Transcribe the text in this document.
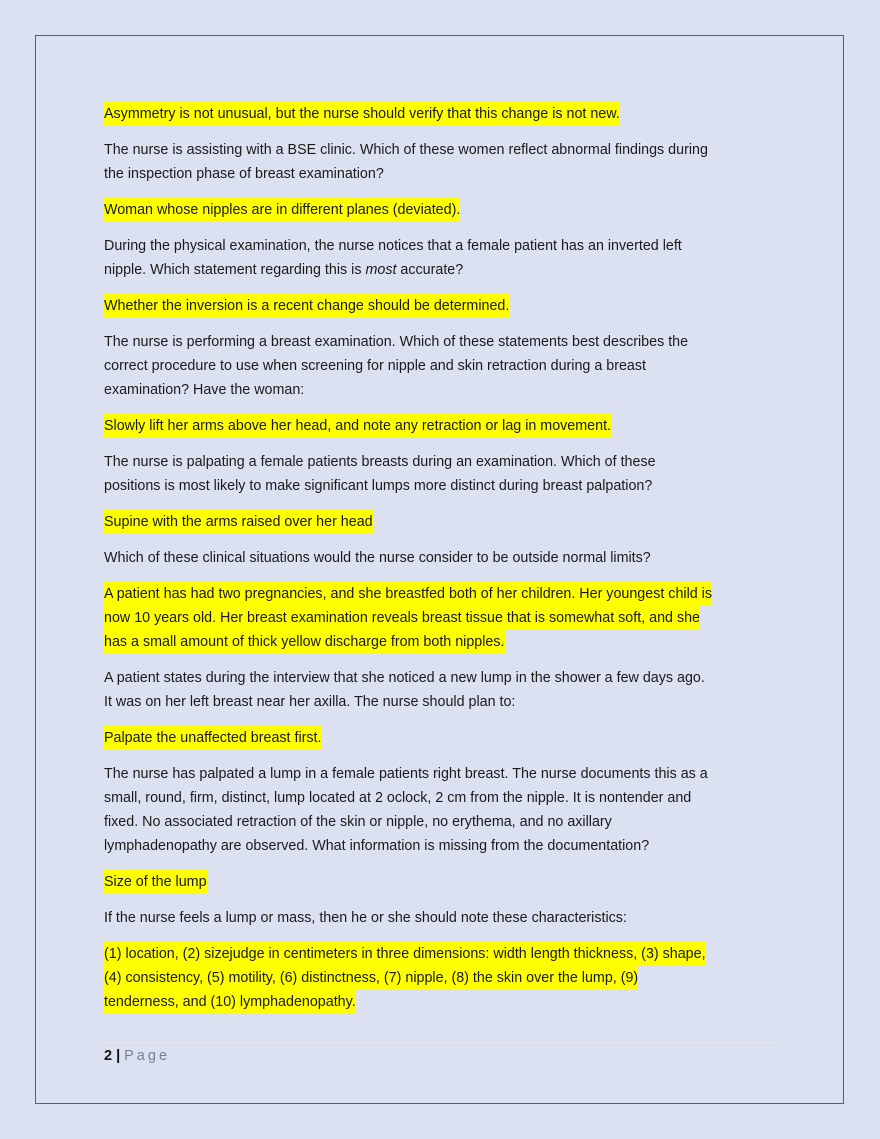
Asymmetry is not unusual, but the nurse should verify that this change is not new.

The nurse is assisting with a BSE clinic. Which of these women reflect abnormal findings during
the inspection phase of breast examination?

Woman whose nipples are in different planes (deviated).

During the physical examination, the nurse notices that a female patient has an inverted left
nipple. Which statement regarding this is most accurate?

Whether the inversion is a recent change should be determined.

The nurse is performing a breast examination. Which of these statements best describes the
correct procedure to use when screening for nipple and skin retraction during a breast
examination? Have the woman:

Slowly lift her arms above her head, and note any retraction or lag in movement.

The nurse is palpating a female patients breasts during an examination. Which of these
positions is most likely to make significant lumps more distinct during breast palpation?

Supine with the arms raised over her head

Which of these clinical situations would the nurse consider to be outside normal limits?

A patient has had two pregnancies, and she breastfed both of her children. Her youngest child is
now 10 years old. Her breast examination reveals breast tissue that is somewhat soft, and she
has a small amount of thick yellow discharge from both nipples.

A patient states during the interview that she noticed a new lump in the shower a few days ago.
It was on her left breast near her axilla. The nurse should plan to:

Palpate the unaffected breast first.

The nurse has palpated a lump in a female patients right breast. The nurse documents this as a
small, round, firm, distinct, lump located at 2 oclock, 2 cm from the nipple. It is nontender and
fixed. No associated retraction of the skin or nipple, no erythema, and no axillary
lymphadenopathy are observed. What information is missing from the documentation?

Size of the lump

If the nurse feels a lump or mass, then he or she should note these characteristics:

(1) location, (2) sizejudge in centimeters in three dimensions: width length thickness, (3) shape,
(4) consistency, (5) motility, (6) distinctness, (7) nipple, (8) the skin over the lump, (9)
tenderness, and (10) lymphadenopathy.

2 | Page
